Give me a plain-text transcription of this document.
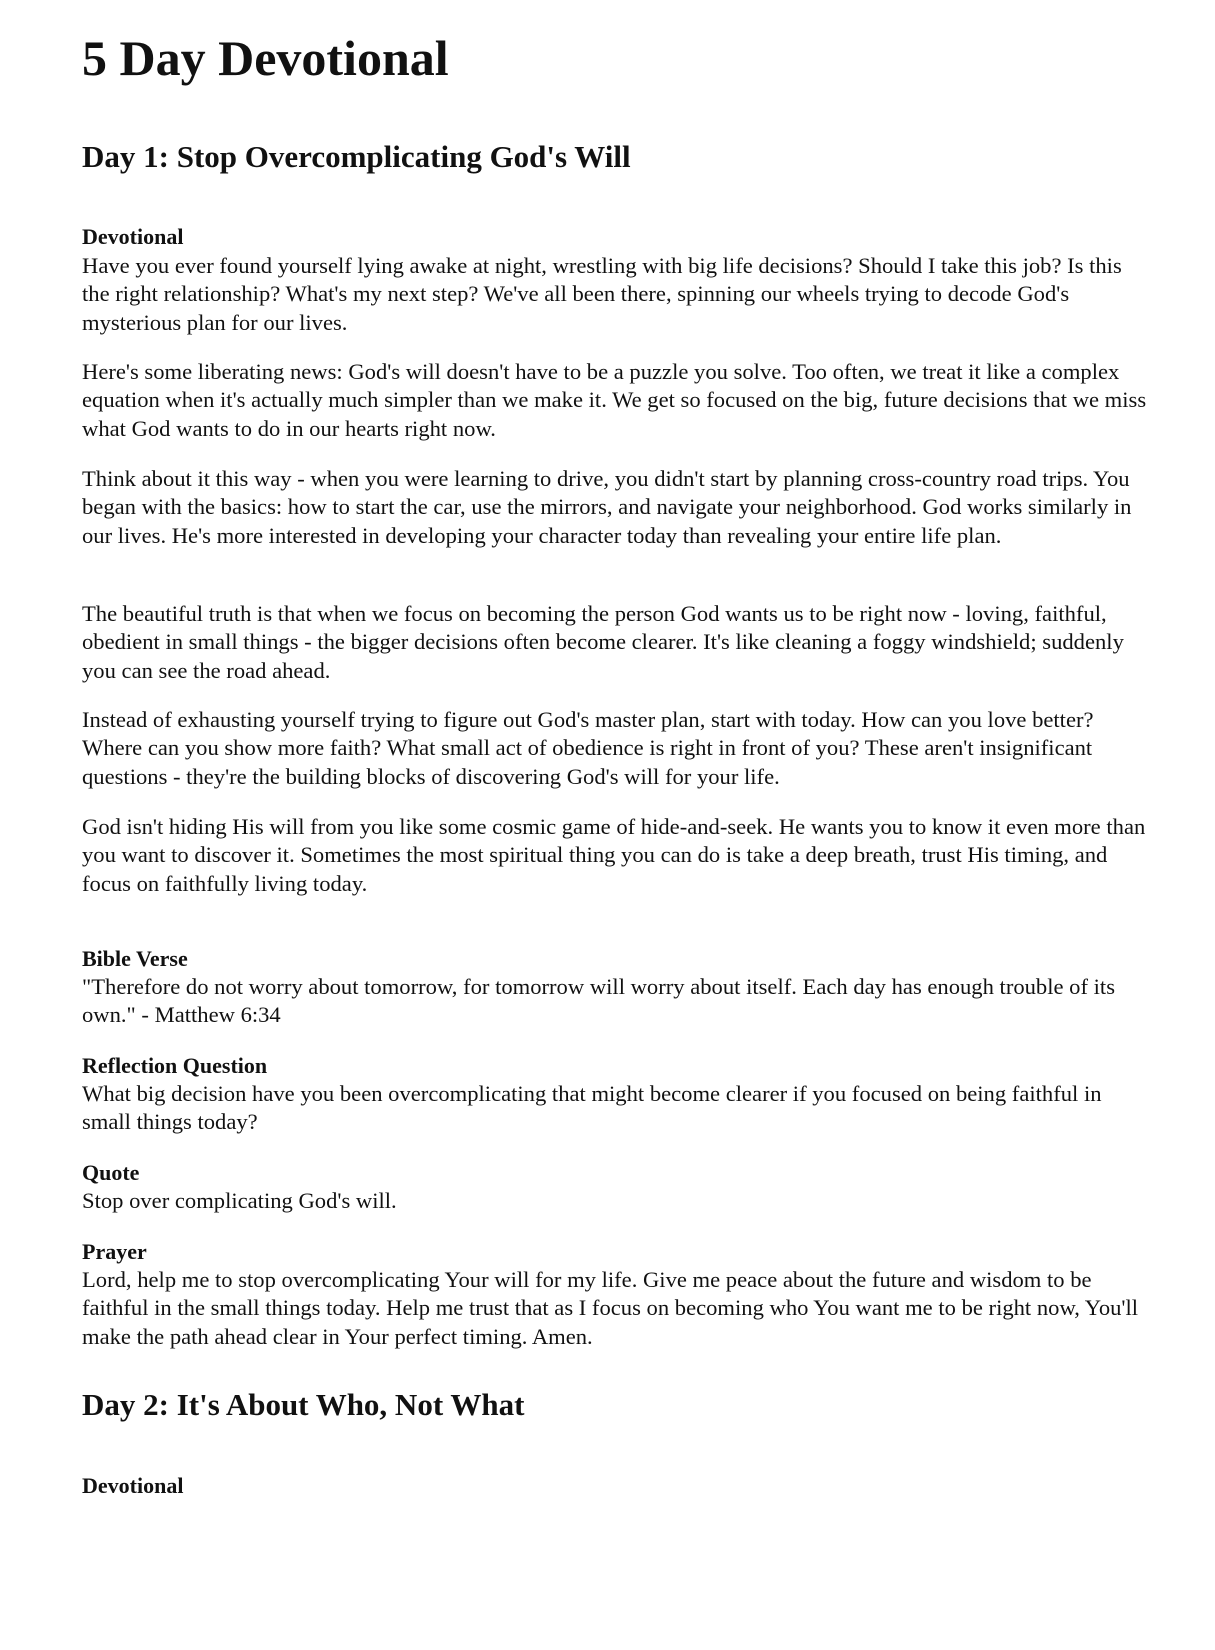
5 Day Devotional
Day 1: Stop Overcomplicating God's Will
Devotional

Have you ever found yourself lying awake at night, wrestling with big life decisions? Should I take this job? Is this the right relationship? What's my next step? We've all been there, spinning our wheels trying to decode God's mysterious plan for our lives.

Here's some liberating news: God's will doesn't have to be a puzzle you solve. Too often, we treat it like a complex equation when it's actually much simpler than we make it. We get so focused on the big, future decisions that we miss what God wants to do in our hearts right now.

Think about it this way - when you were learning to drive, you didn't start by planning cross-country road trips. You began with the basics: how to start the car, use the mirrors, and navigate your neighborhood. God works similarly in our lives. He's more interested in developing your character today than revealing your entire life plan.

The beautiful truth is that when we focus on becoming the person God wants us to be right now - loving, faithful, obedient in small things - the bigger decisions often become clearer. It's like cleaning a foggy windshield; suddenly you can see the road ahead.

Instead of exhausting yourself trying to figure out God's master plan, start with today. How can you love better? Where can you show more faith? What small act of obedience is right in front of you? These aren't insignificant questions - they're the building blocks of discovering God's will for your life.

God isn't hiding His will from you like some cosmic game of hide-and-seek. He wants you to know it even more than you want to discover it. Sometimes the most spiritual thing you can do is take a deep breath, trust His timing, and focus on faithfully living today.

Bible Verse

"Therefore do not worry about tomorrow, for tomorrow will worry about itself. Each day has enough trouble of its own." - Matthew 6:34

Reflection Question

What big decision have you been overcomplicating that might become clearer if you focused on being faithful in small things today?

Quote

Stop over complicating God's will.

Prayer

Lord, help me to stop overcomplicating Your will for my life. Give me peace about the future and wisdom to be faithful in the small things today. Help me trust that as I focus on becoming who You want me to be right now, You'll make the path ahead clear in Your perfect timing. Amen.

Day 2: It's About Who, Not What
Devotional
